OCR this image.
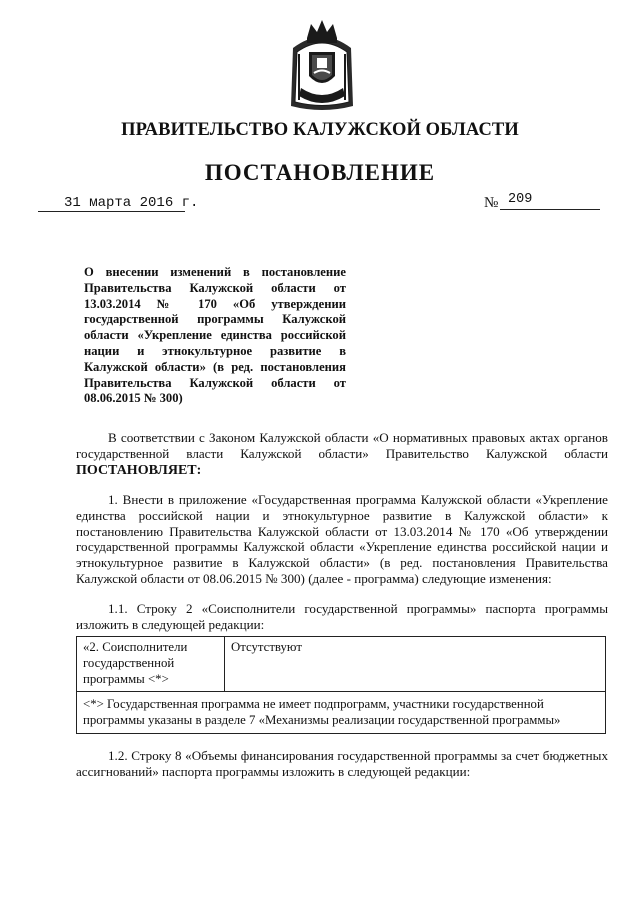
ПРАВИТЕЛЬСТВО КАЛУЖСКОЙ ОБЛАСТИ
ПОСТАНОВЛЕНИЕ
31 марта 2016 г.	№ 209
О внесении изменений в постановление Правительства Калужской области от 13.03.2014 № 170 «Об утверждении государственной программы Калужской области «Укрепление единства российской нации и этнокультурное развитие в Калужской области» (в ред. постановления Правительства Калужской области от 08.06.2015 № 300)
В соответствии с Законом Калужской области «О нормативных правовых актах органов государственной власти Калужской области» Правительство Калужской области ПОСТАНОВЛЯЕТ:
1. Внести в приложение «Государственная программа Калужской области «Укрепление единства российской нации и этнокультурное развитие в Калужской области» к постановлению Правительства Калужской области от 13.03.2014 № 170 «Об утверждении государственной программы Калужской области «Укрепление единства российской нации и этнокультурное развитие в Калужской области» (в ред. постановления Правительства Калужской области от 08.06.2015 № 300) (далее - программа) следующие изменения:
1.1. Строку 2 «Соисполнители государственной программы» паспорта программы изложить в следующей редакции:
«2. Соисполнители государственной программы <*>
Отсутствуют
<*> Государственная программа не имеет подпрограмм, участники государственной программы указаны в разделе 7 «Механизмы реализации государственной программы»
1.2. Строку 8 «Объемы финансирования государственной программы за счет бюджетных ассигнований» паспорта программы изложить в следующей редакции:
